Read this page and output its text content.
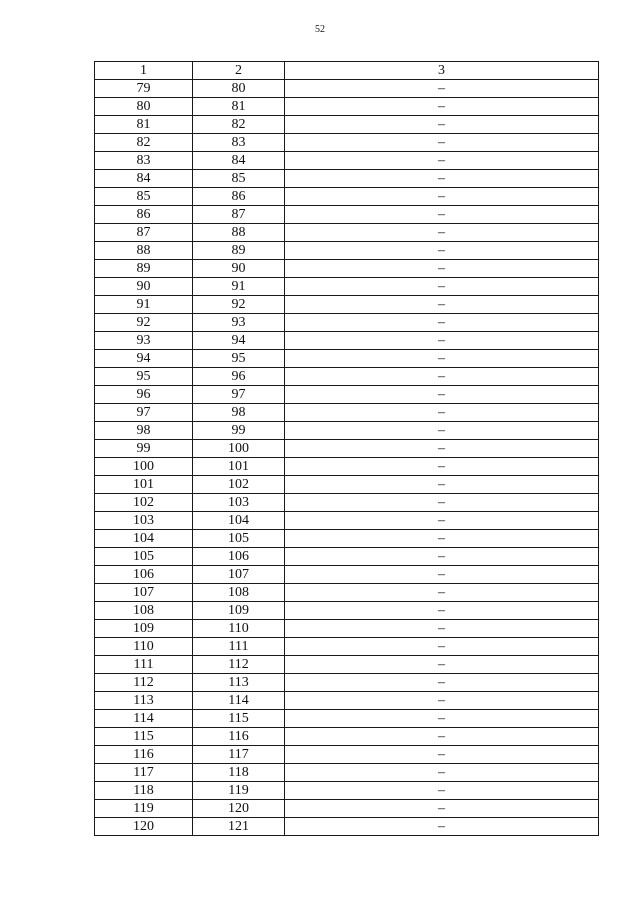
52
1	2	3
79	80	–
80	81	–
81	82	–
82	83	–
83	84	–
84	85	–
85	86	–
86	87	–
87	88	–
88	89	–
89	90	–
90	91	–
91	92	–
92	93	–
93	94	–
94	95	–
95	96	–
96	97	–
97	98	–
98	99	–
99	100	–
100	101	–
101	102	–
102	103	–
103	104	–
104	105	–
105	106	–
106	107	–
107	108	–
108	109	–
109	110	–
110	111	–
111	112	–
112	113	–
113	114	–
114	115	–
115	116	–
116	117	–
117	118	–
118	119	–
119	120	–
120	121	–
